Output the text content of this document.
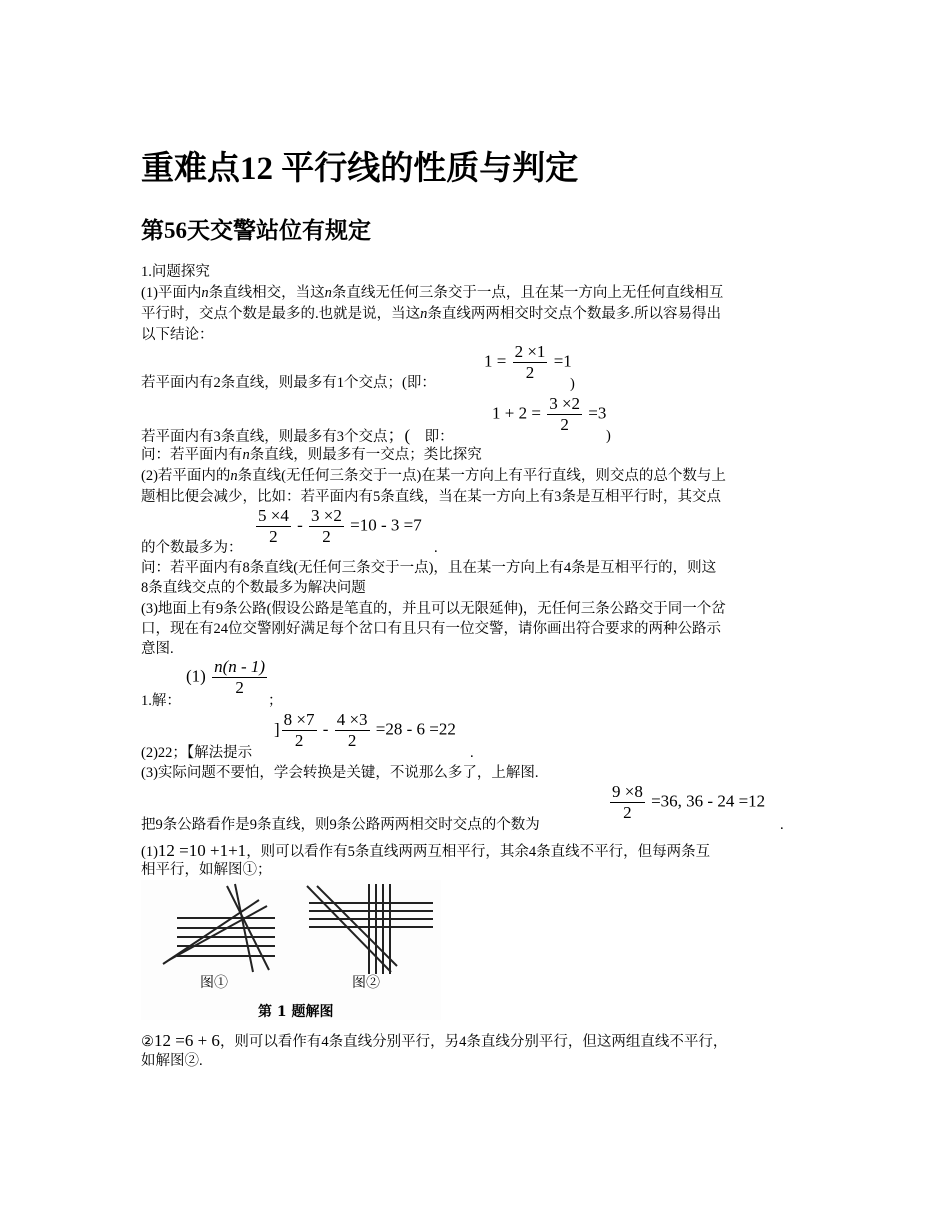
重难点12 平行线的性质与判定
第56天交警站位有规定
1.问题探究
(1)平面内n条直线相交，当这n条直线无任何三条交于一点，且在某一方向上无任何直线相互
平行时，交点个数是最多的.也就是说，当这n条直线两两相交时交点个数最多.所以容易得出
以下结论：
若平面内有2条直线，则最多有1个交点；(即：
$1 = \frac{2 \times 1}{2} =1$
)
若平面内有3条直线，则最多有3个交点；( 即：
$1 + 2 = \frac{3 \times 2}{2} =3$
)
问：若平面内有n条直线，则最多有一交点；类比探究
(2)若平面内的n条直线(无任何三条交于一点)在某一方向上有平行直线，则交点的总个数与上
题相比便会减少，比如：若平面内有5条直线，当在某一方向上有3条是互相平行时，其交点
$\frac{5 \times 4}{2} - \frac{3 \times 2}{2} =10 - 3 =7$
的个数最多为：	.
问：若平面内有8条直线(无任何三条交于一点)，且在某一方向上有4条是互相平行的，则这
8条直线交点的个数最多为解决问题
(3)地面上有9条公路(假设公路是笔直的，并且可以无限延伸)，无任何三条公路交于同一个岔
口，现在有24位交警刚好满足每个岔口有且只有一位交警，请你画出符合要求的两种公路示
意图.
1.解：
$(1) \frac{n(n - 1)}{2}$
；
(2)22；【解法提示
] $\frac{8 \times 7}{2} - \frac{4 \times 3}{2} =28 - 6 =22$
.
(3)实际问题不要怕，学会转换是关键，不说那么多了，上解图.
把9条公路看作是9条直线，则9条公路两两相交时交点的个数为
$\frac{9 \times 8}{2} =36$, 36 - 24 =12
.
(1)12 =10 +1+1，则可以看作有5条直线两两互相平行，其余4条直线不平行，但每两条互
相平行，如解图①；
图①	图②
第 1 题解图
②12 =6 + 6，则可以看作有4条直线分别平行，另4条直线分别平行，但这两组直线不平行，
如解图②.
